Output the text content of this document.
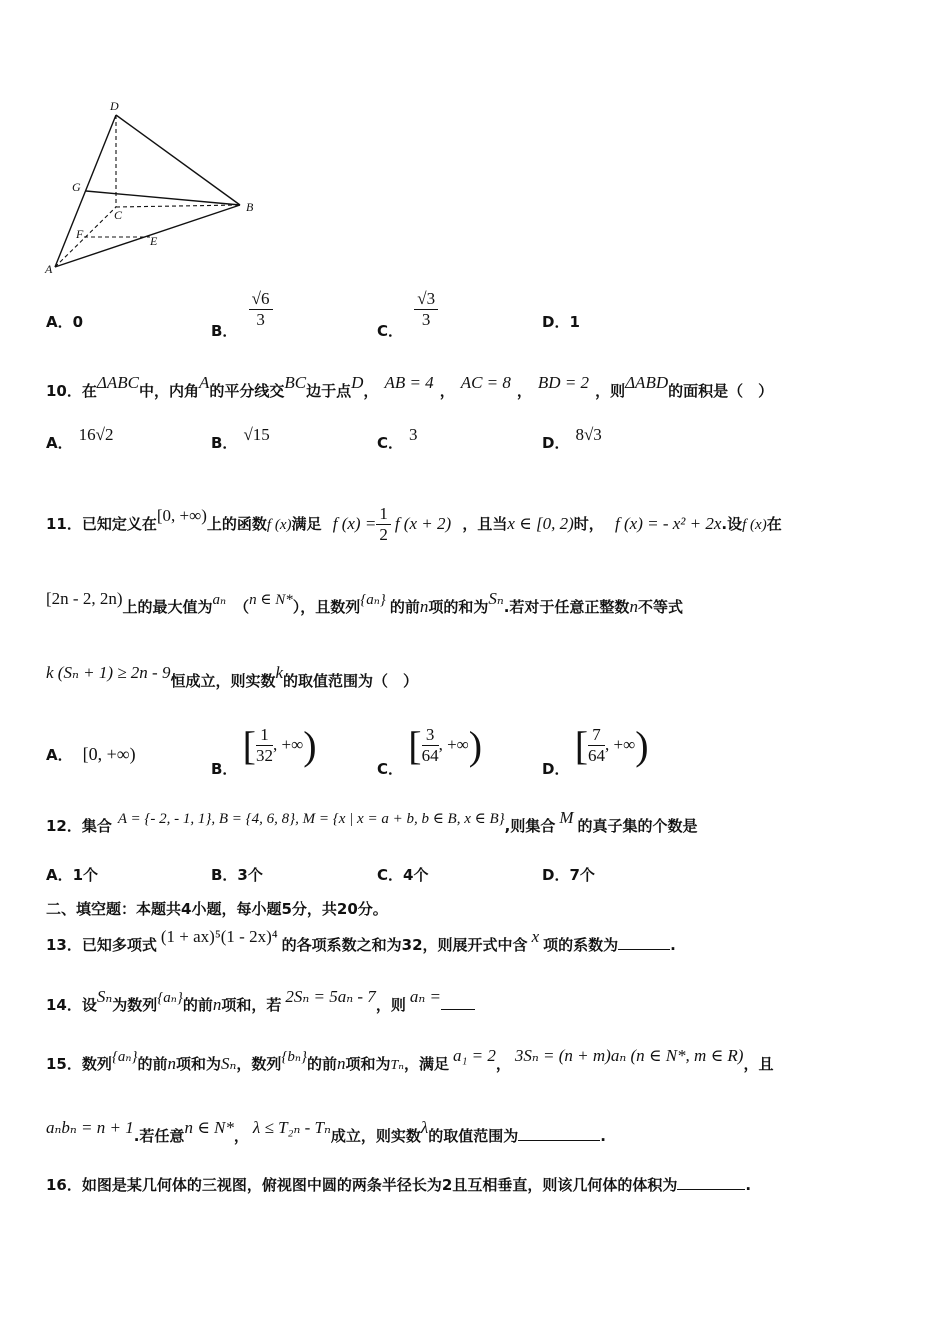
D
G
C
B
F	E
A
A．0	B．
$\frac{√6}{3}$
C．
$\frac{√3}{3}$	D．1
10．在ΔABC中，内角A的平分线交BC边于点D， AB = 4 ， AC = 8 ， BD = 2 ，则ΔABD的面积是（　）
A． 16√2	B． √15	C． 3	D． 8√3
11．已知定义在[0, +∞)上的函数f (x)满足 f $(x) = \frac{1}{2}$ f (x + 2) ，且当x ∈ [0, 2)时， f (x) = - x² + 2x.设f (x)在
[2n - 2, 2n)上的最大值为aₙ （n ∈ N*），且数列{aₙ} 的前n项的和为Sₙ.若对于任意正整数n不等式
k (Sₙ + 1) ≥ 2n - 9恒成立，则实数k的取值范围为（　）
A． [0, +∞)
B． [ $\frac{1}{32}$ , +∞)
C． [ $\frac{3}{64}$ , +∞)
D． [ $\frac{7}{64}$ , +∞)
12．集合 A = {- 2, - 1, 1}, B = {4, 6, 8}, M = {x | x = a + b, b ∈ B, x ∈ B},则集合 M 的真子集的个数是
A．1个	B．3个	C．4个	D．7个
二、填空题：本题共4小题，每小题5分，共20分。
13．已知多项式 (1 + ax)⁵(1 - 2x)⁴ 的各项系数之和为32，则展开式中含 x 项的系数为	.
14．设Sₙ为数列{aₙ}的前n项和，若 2Sₙ = 5aₙ - 7，则 aₙ =
15．数列{aₙ}的前n项和为Sₙ，数列{bₙ}的前n项和为Tₙ，满足 a₁ = 2， 3Sₙ = (n + m)aₙ (n ∈ N*, m ∈ R)，且
aₙbₙ = n + 1.若任意n ∈ N*， λ ≤ T₂ₙ - Tₙ成立，则实数λ的取值范围为	.
16．如图是某几何体的三视图，俯视图中圆的两条半径长为2且互相垂直，则该几何体的体积为	.
